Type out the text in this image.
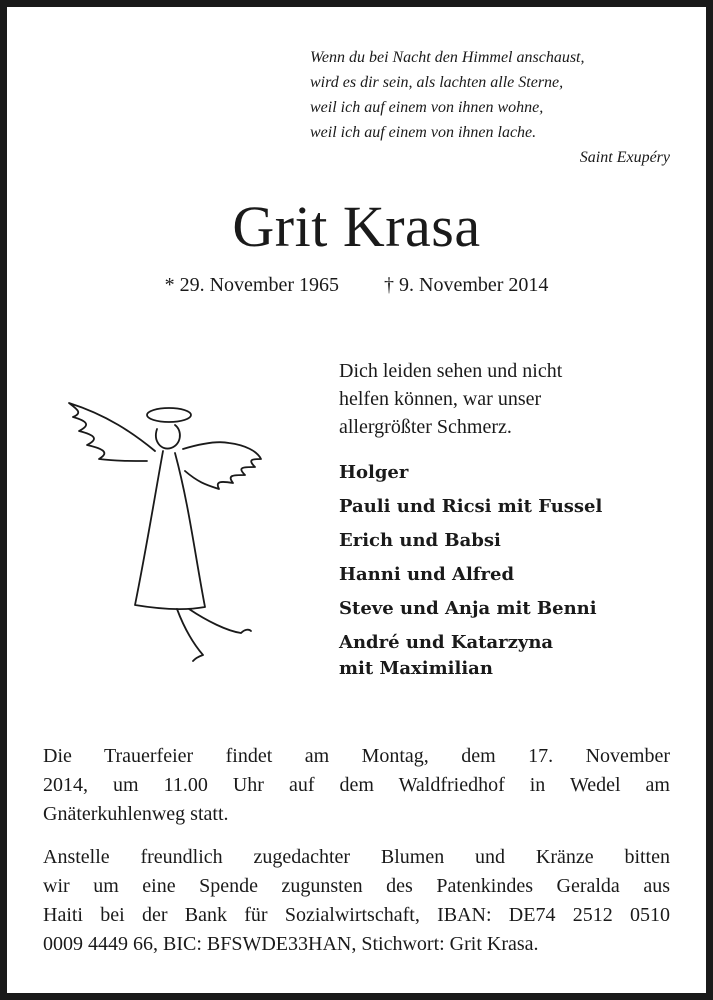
Wenn du bei Nacht den Himmel anschaust,
wird es dir sein, als lachten alle Sterne,
weil ich auf einem von ihnen wohne,
weil ich auf einem von ihnen lache.
Saint Exupéry
Grit Krasa
* 29. November 1965 † 9. November 2014
Dich leiden sehen und nicht
helfen können, war unser
allergrößter Schmerz.
Holger
Pauli und Ricsi mit Fussel
Erich und Babsi
Hanni und Alfred
Steve und Anja mit Benni
André und Katarzyna
mit Maximilian
Die Trauerfeier findet am Montag, dem 17. November
2014, um 11.00 Uhr auf dem Waldfriedhof in Wedel am
Gnäterkuhlenweg statt.
Anstelle freundlich zugedachter Blumen und Kränze bitten
wir um eine Spende zugunsten des Patenkindes Geralda aus
Haiti bei der Bank für Sozialwirtschaft, IBAN: DE74 2512 0510
0009 4449 66, BIC: BFSWDE33HAN, Stichwort: Grit Krasa.
